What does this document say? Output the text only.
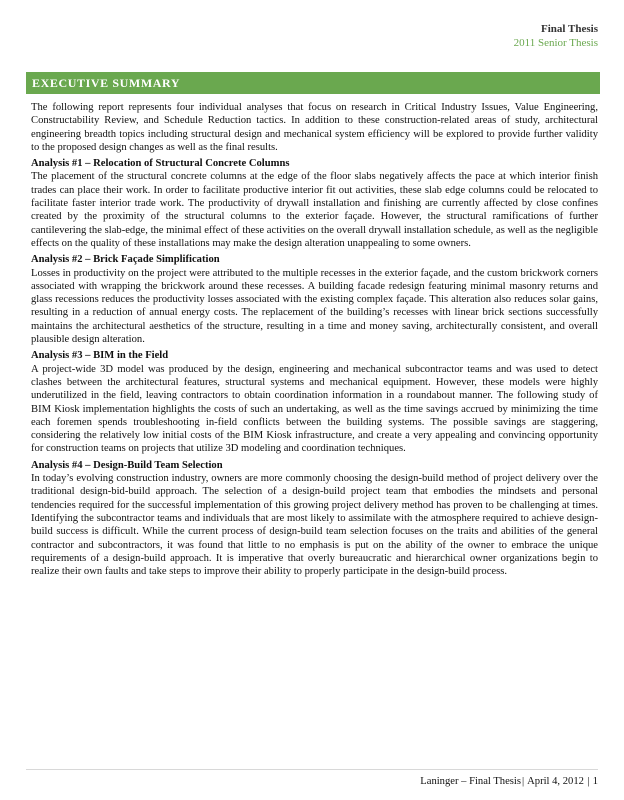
Final Thesis
2011 Senior Thesis
EXECUTIVE SUMMARY

The following report represents four individual analyses that focus on research in Critical Industry Issues, Value Engineering, Constructability Review, and Schedule Reduction tactics. In addition to these construction-related areas of study, architectural engineering breadth topics including structural design and mechanical system efficiency will be explored to provide further validity to the proposed design changes as well as the final results.

Analysis #1 – Relocation of Structural Concrete Columns

The placement of the structural concrete columns at the edge of the floor slabs negatively affects the pace at which interior finish trades can place their work. In order to facilitate productive interior fit out activities, these slab edge columns could be relocated to facilitate faster interior trade work. The productivity of drywall installation and finishing are currently affected by close confines created by the proximity of the structural columns to the exterior façade. However, the structural ramifications of further cantilevering the slab-edge, the minimal effect of these activities on the overall drywall installation schedule, as well as the negligible effects on the quality of these installations may make the design alteration unappealing to some owners.

Analysis #2 – Brick Façade Simplification

Losses in productivity on the project were attributed to the multiple recesses in the exterior façade, and the custom brickwork corners associated with wrapping the brickwork around these recesses. A building facade redesign featuring minimal masonry returns and glass recessions reduces the productivity losses associated with the existing complex façade. This alteration also reduces solar gains, resulting in a reduction of annual energy costs. The replacement of the building’s recesses with linear brick sections successfully maintains the architectural aesthetics of the structure, resulting in a time and money saving, architecturally consistent, and overall plausible design alteration.

Analysis #3 – BIM in the Field

A project-wide 3D model was produced by the design, engineering and mechanical subcontractor teams and was used to detect clashes between the architectural features, structural systems and mechanical equipment. However, these models were highly underutilized in the field, leaving contractors to obtain coordination information in a roundabout manner. The following study of BIM Kiosk implementation highlights the costs of such an undertaking, as well as the time savings accrued by minimizing the time each foremen spends troubleshooting in-field conflicts between the building systems. The possible savings are staggering, considering the relatively low initial costs of the BIM Kiosk infrastructure, and create a very appealing and convincing opportunity for construction teams on projects that utilize 3D modeling and coordination techniques.

Analysis #4 – Design-Build Team Selection

In today’s evolving construction industry, owners are more commonly choosing the design-build method of project delivery over the traditional design-bid-build approach. The selection of a design-build project team that embodies the mindsets and personal tendencies required for the successful implementation of this growing project delivery method has proven to be challenging at times. Identifying the subcontractor teams and individuals that are most likely to assimilate with the atmosphere required to achieve design-build success is difficult. While the current process of design-build team selection focuses on the traits and abilities of the general contractor and subcontractors, it was found that little to no emphasis is put on the ability of the owner to embrace the unique requirements of a design-build approach. It is imperative that overly bureaucratic and hierarchical owner organizations begin to realize their own faults and take steps to improve their ability to properly participate in the design-build process.

Laninger – Final Thesis| April 4, 2012 | 1
